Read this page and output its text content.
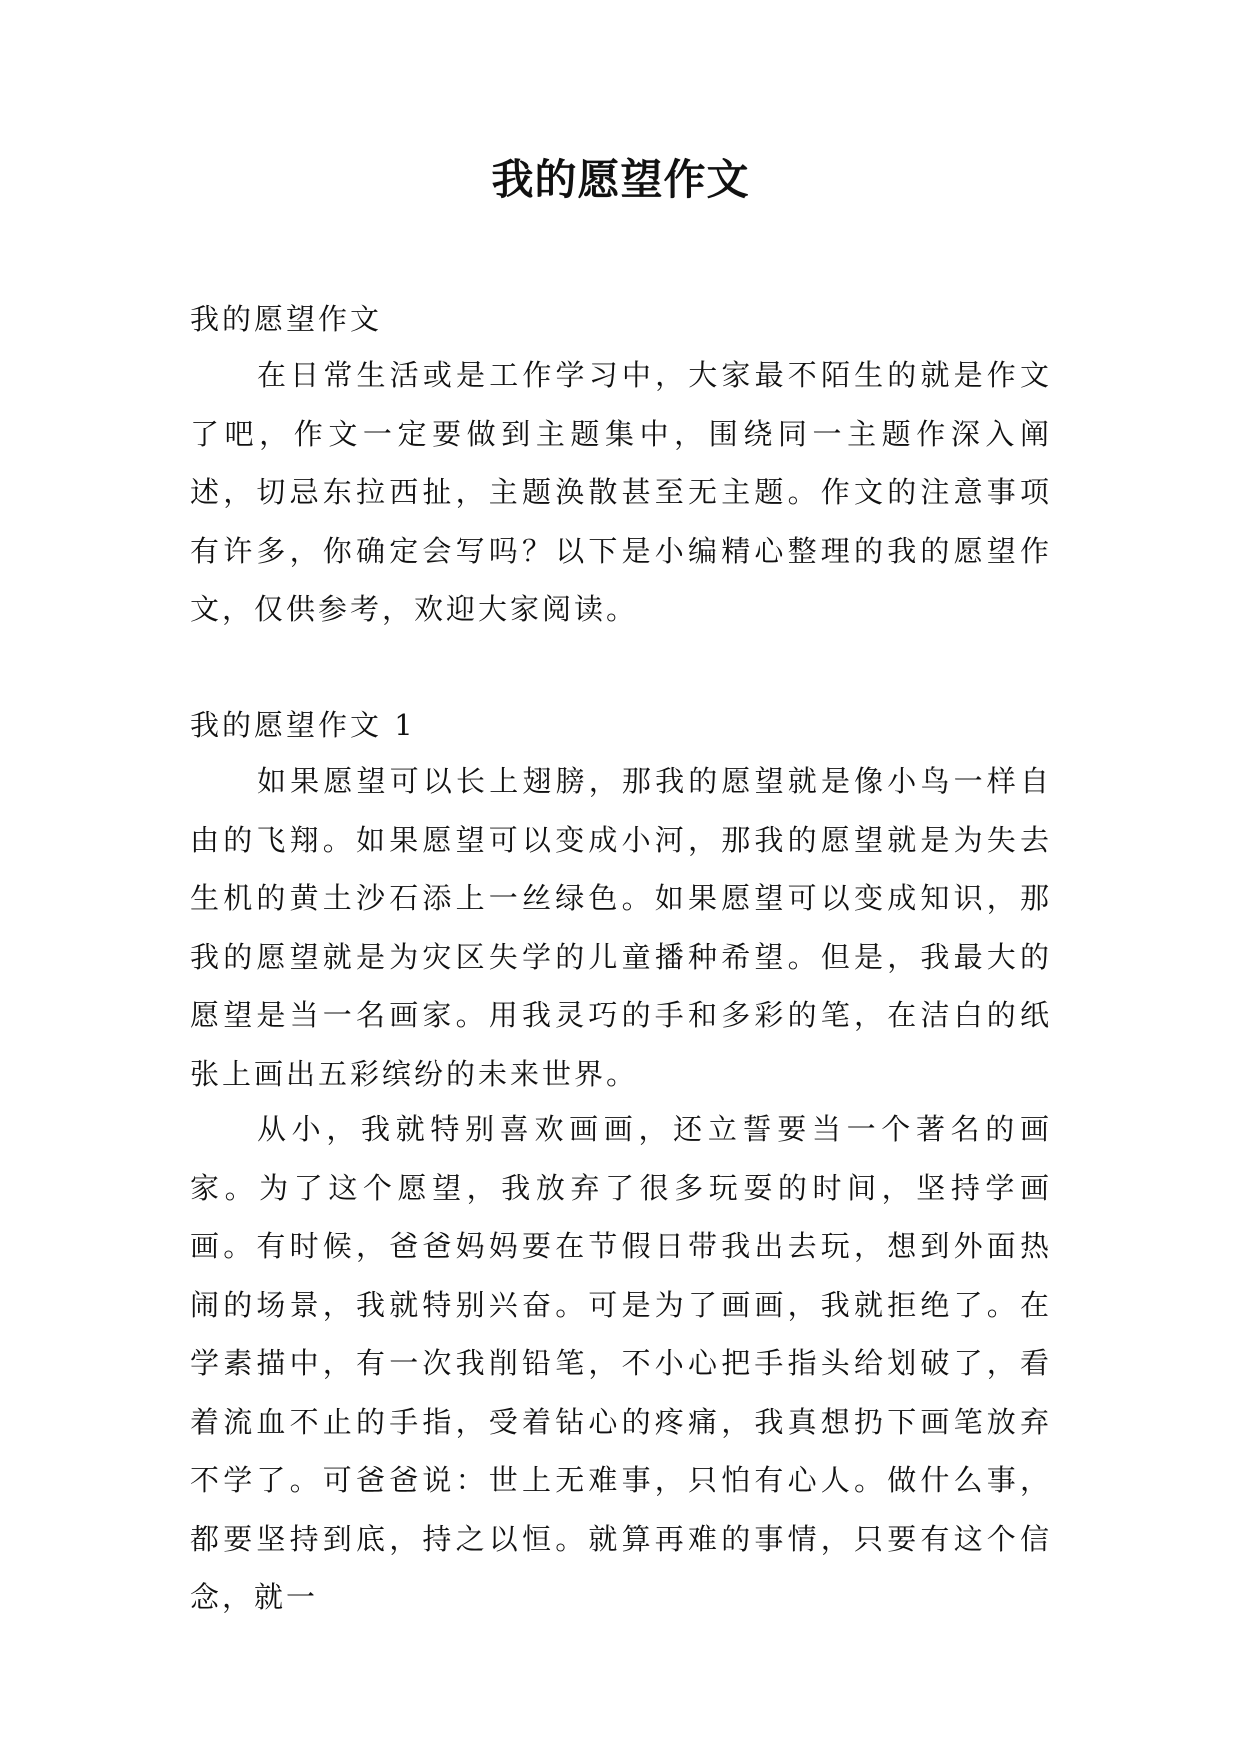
我的愿望作文
我的愿望作文
在日常生活或是工作学习中，大家最不陌生的就是作文了吧，作文一定要做到主题集中，围绕同一主题作深入阐述，切忌东拉西扯，主题涣散甚至无主题。作文的注意事项有许多，你确定会写吗？以下是小编精心整理的我的愿望作文，仅供参考，欢迎大家阅读。
我的愿望作文 1
如果愿望可以长上翅膀，那我的愿望就是像小鸟一样自由的飞翔。如果愿望可以变成小河，那我的愿望就是为失去生机的黄土沙石添上一丝绿色。如果愿望可以变成知识，那我的愿望就是为灾区失学的儿童播种希望。但是，我最大的愿望是当一名画家。用我灵巧的手和多彩的笔，在洁白的纸张上画出五彩缤纷的未来世界。
从小，我就特别喜欢画画，还立誓要当一个著名的画家。为了这个愿望，我放弃了很多玩耍的时间，坚持学画画。有时候，爸爸妈妈要在节假日带我出去玩，想到外面热闹的场景，我就特别兴奋。可是为了画画，我就拒绝了。在学素描中，有一次我削铅笔，不小心把手指头给划破了，看着流血不止的手指，受着钻心的疼痛，我真想扔下画笔放弃不学了。可爸爸说：世上无难事，只怕有心人。做什么事，都要坚持到底，持之以恒。就算再难的事情，只要有这个信念，就一
